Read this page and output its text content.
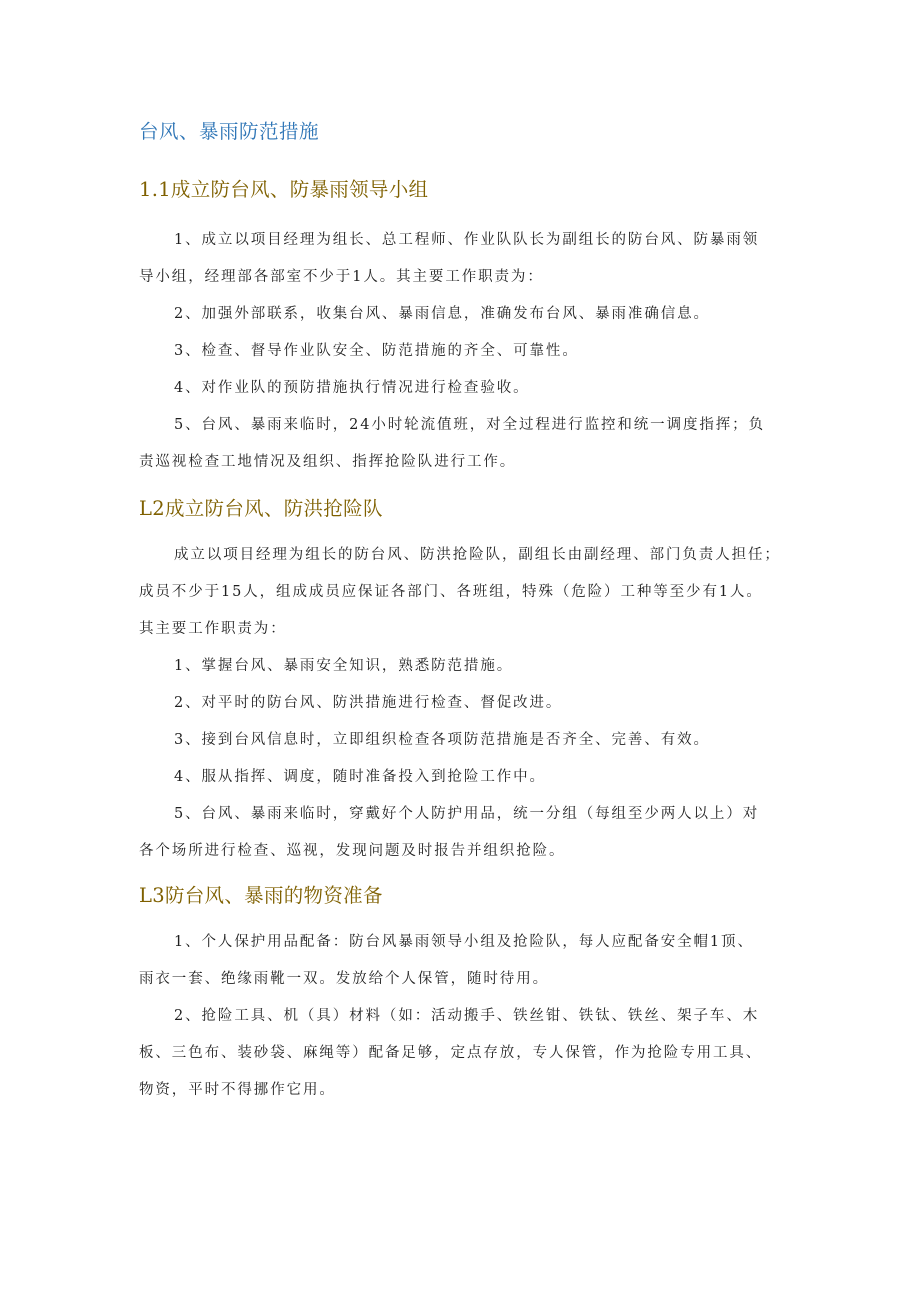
台风、暴雨防范措施
1.1成立防台风、防暴雨领导小组
1、成立以项目经理为组长、总工程师、作业队队长为副组长的防台风、防暴雨领
导小组，经理部各部室不少于1人。其主要工作职责为：
2、加强外部联系，收集台风、暴雨信息，准确发布台风、暴雨准确信息。
3、检查、督导作业队安全、防范措施的齐全、可靠性。
4、对作业队的预防措施执行情况进行检查验收。
5、台风、暴雨来临时，24小时轮流值班，对全过程进行监控和统一调度指挥；负
责巡视检查工地情况及组织、指挥抢险队进行工作。
L2成立防台风、防洪抢险队
成立以项目经理为组长的防台风、防洪抢险队，副组长由副经理、部门负责人担任；
成员不少于15人，组成成员应保证各部门、各班组，特殊（危险）工种等至少有1人。
其主要工作职责为：
1、掌握台风、暴雨安全知识，熟悉防范措施。
2、对平时的防台风、防洪措施进行检查、督促改进。
3、接到台风信息时，立即组织检查各项防范措施是否齐全、完善、有效。
4、服从指挥、调度，随时准备投入到抢险工作中。
5、台风、暴雨来临时，穿戴好个人防护用品，统一分组（每组至少两人以上）对
各个场所进行检查、巡视，发现问题及时报告并组织抢险。
L3防台风、暴雨的物资准备
1、个人保护用品配备：防台风暴雨领导小组及抢险队，每人应配备安全帽1顶、
雨衣一套、绝缘雨靴一双。发放给个人保管，随时待用。
2、抢险工具、机（具）材料（如：活动搬手、铁丝钳、铁钛、铁丝、架子车、木
板、三色布、装砂袋、麻绳等）配备足够，定点存放，专人保管，作为抢险专用工具、
物资，平时不得挪作它用。
